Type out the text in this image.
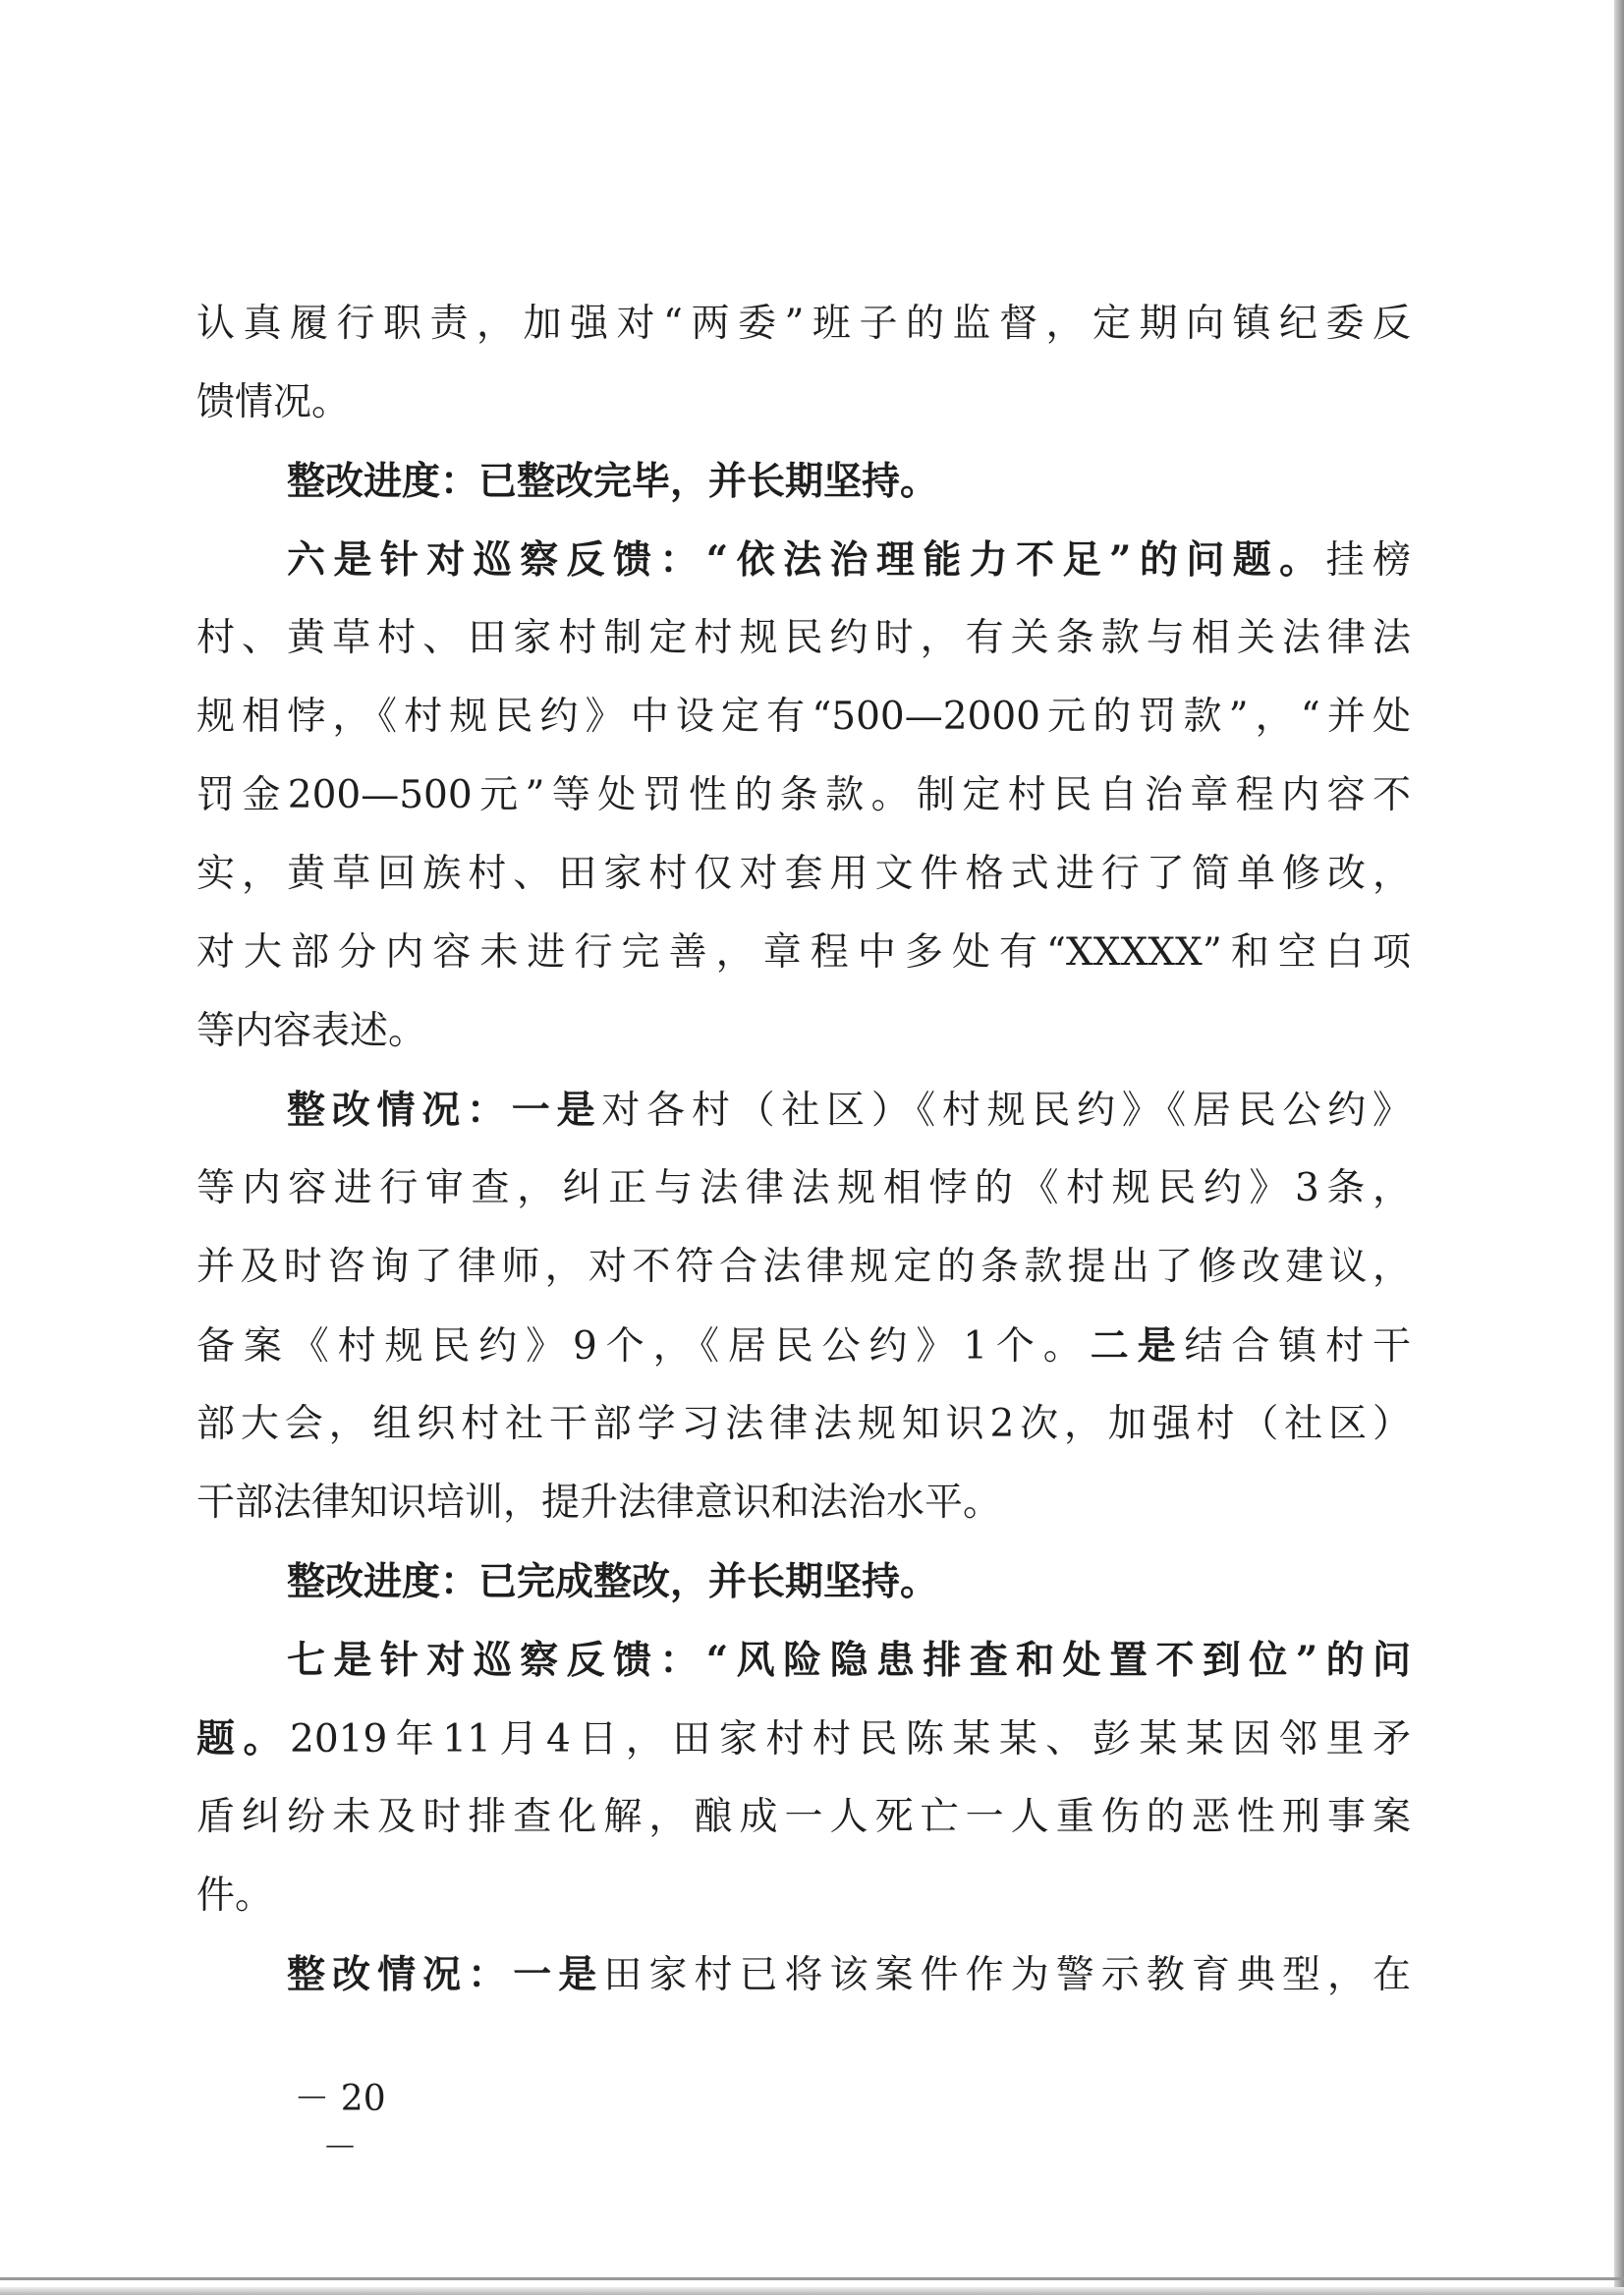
认真履行职责，加强对“两委”班子的监督，定期向镇纪委反
馈情况。
整改进度：已整改完毕，并长期坚持。
六是针对巡察反馈：“依法治理能力不足”的问题。挂榜
村、黄草村、田家村制定村规民约时，有关条款与相关法律法
规相悖，《村规民约》中设定有“500—2000元的罚款”，“并处
罚金200—500元”等处罚性的条款。制定村民自治章程内容不
实，黄草回族村、田家村仅对套用文件格式进行了简单修改，
对大部分内容未进行完善，章程中多处有“XXXXX”和空白项
等内容表述。
整改情况：一是对各村（社区）《村规民约》《居民公约》
等内容进行审查，纠正与法律法规相悖的《村规民约》3条，
并及时咨询了律师，对不符合法律规定的条款提出了修改建议，
备案《村规民约》9个，《居民公约》1个。二是结合镇村干
部大会，组织村社干部学习法律法规知识2次，加强村（社区）
干部法律知识培训，提升法律意识和法治水平。
整改进度：已完成整改，并长期坚持。
七是针对巡察反馈：“风险隐患排查和处置不到位”的问
题。2019年11月4日，田家村村民陈某某、彭某某因邻里矛
盾纠纷未及时排查化解，酿成一人死亡一人重伤的恶性刑事案
件。
整改情况：一是田家村已将该案件作为警示教育典型，在
－ 20 －
